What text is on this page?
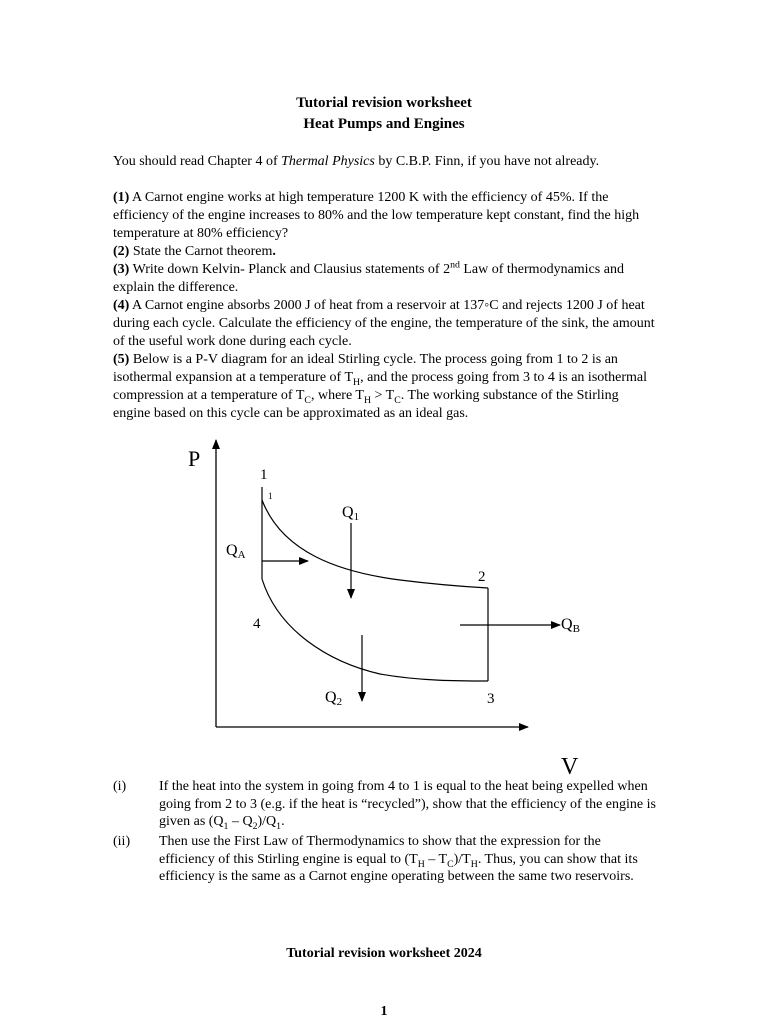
Tutorial revision worksheet
Heat Pumps and Engines
You should read Chapter 4 of Thermal Physics by C.B.P. Finn, if you have not already.

(1) A Carnot engine works at high temperature 1200 K with the efficiency of 45%. If the efficiency of the engine increases to 80% and the low temperature kept constant, find the high temperature at 80% efficiency?

(2) State the Carnot theorem.

(3) Write down Kelvin- Planck and Clausius statements of 2nd Law of thermodynamics and explain the difference.

(4) A Carnot engine absorbs 2000 J of heat from a reservoir at 137◦C and rejects 1200 J of heat during each cycle. Calculate the efficiency of the engine, the temperature of the sink, the amount of the useful work done during each cycle.

(5) Below is a P-V diagram for an ideal Stirling cycle. The process going from 1 to 2 is an isothermal expansion at a temperature of $T_H$, and the process going from 3 to 4 is an isothermal compression at a temperature of $T_C$, where $T_H > T_C$. The working substance of the Stirling engine based on this cycle can be approximated as an ideal gas.

P
V
1
1
2
3
4
Q1
Q2
QA
QB
(i) If the heat into the system in going from 4 to 1 is equal to the heat being expelled when going from 2 to 3 (e.g. if the heat is “recycled”), show that the efficiency of the engine is given as $(Q_1 - Q_2)/Q_1$.
(ii) Then use the First Law of Thermodynamics to show that the expression for the efficiency of this Stirling engine is equal to $(T_H - T_C)/T_H$. Thus, you can show that its efficiency is the same as a Carnot engine operating between the same two reservoirs.
Tutorial revision worksheet 2024
1
